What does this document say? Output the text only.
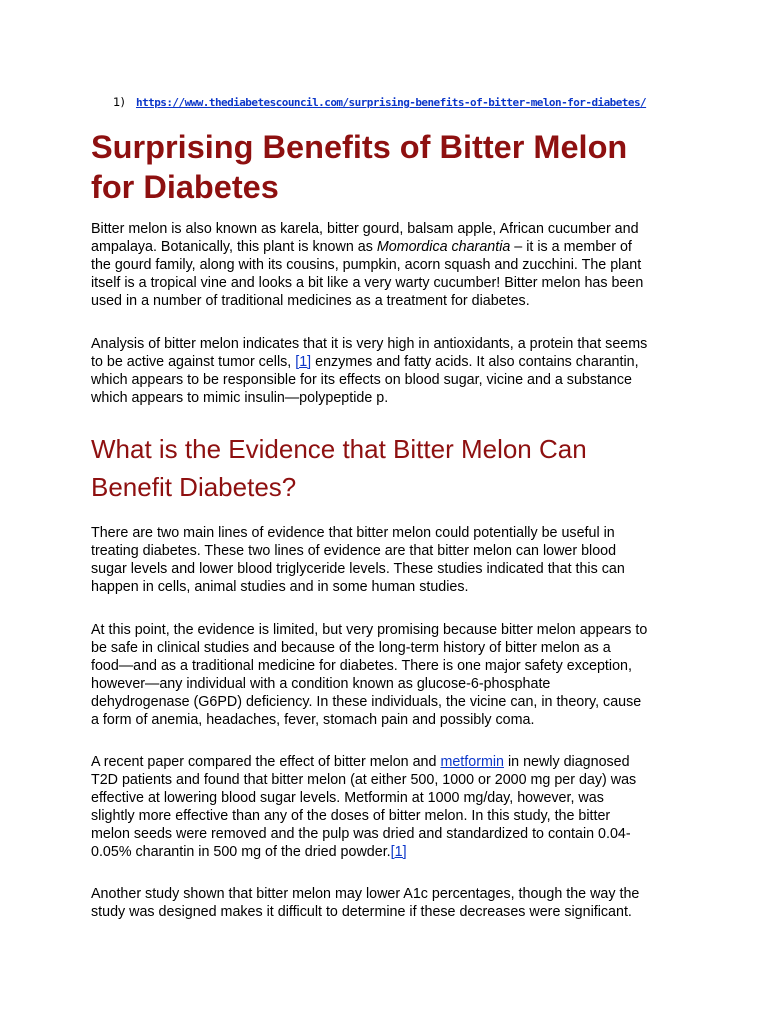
1) https://www.thediabetescouncil.com/surprising-benefits-of-bitter-melon-for-diabetes/
Surprising Benefits of Bitter Melon
for Diabetes

Bitter melon is also known as karela, bitter gourd, balsam apple, African cucumber and
ampalaya. Botanically, this plant is known as Momordica charantia – it is a member of
the gourd family, along with its cousins, pumpkin, acorn squash and zucchini. The plant
itself is a tropical vine and looks a bit like a very warty cucumber! Bitter melon has been
used in a number of traditional medicines as a treatment for diabetes.

Analysis of bitter melon indicates that it is very high in antioxidants, a protein that seems
to be active against tumor cells, [1] enzymes and fatty acids. It also contains charantin,
which appears to be responsible for its effects on blood sugar, vicine and a substance
which appears to mimic insulin—polypeptide p.

What is the Evidence that Bitter Melon Can
Benefit Diabetes?

There are two main lines of evidence that bitter melon could potentially be useful in
treating diabetes. These two lines of evidence are that bitter melon can lower blood
sugar levels and lower blood triglyceride levels. These studies indicated that this can
happen in cells, animal studies and in some human studies.

At this point, the evidence is limited, but very promising because bitter melon appears to
be safe in clinical studies and because of the long-term history of bitter melon as a
food—and as a traditional medicine for diabetes. There is one major safety exception,
however—any individual with a condition known as glucose-6-phosphate
dehydrogenase (G6PD) deficiency. In these individuals, the vicine can, in theory, cause
a form of anemia, headaches, fever, stomach pain and possibly coma.

A recent paper compared the effect of bitter melon and metformin in newly diagnosed
T2D patients and found that bitter melon (at either 500, 1000 or 2000 mg per day) was
effective at lowering blood sugar levels. Metformin at 1000 mg/day, however, was
slightly more effective than any of the doses of bitter melon. In this study, the bitter
melon seeds were removed and the pulp was dried and standardized to contain 0.04-
0.05% charantin in 500 mg of the dried powder.[1]

Another study shown that bitter melon may lower A1c percentages, though the way the
study was designed makes it difficult to determine if these decreases were significant.
